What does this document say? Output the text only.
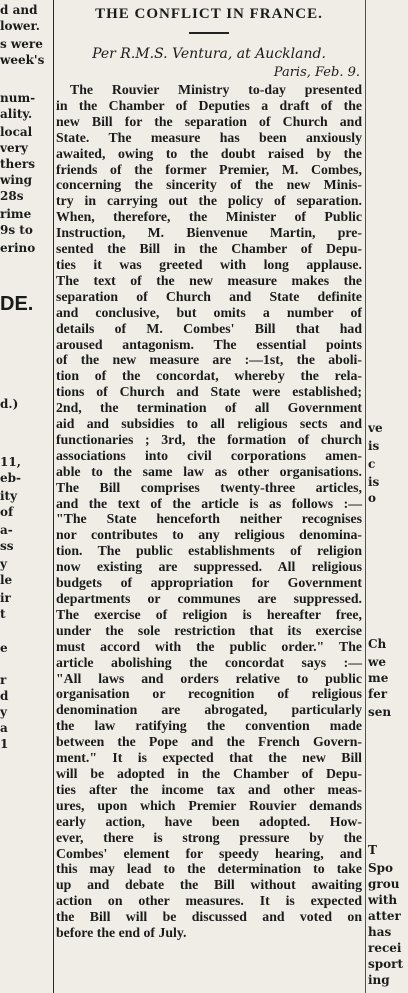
d and
lower.
s were
week's
num-
ality.
local
very
thers
wing
28s
rime
9s to
erino
DE.
d.)
11,
eb-
ity
of
a-
ss
y
le
ir
t
e
r
d
y
a
1
THE CONFLICT IN FRANCE.

Per R.M.S. Ventura, at Auckland.

Paris, Feb. 9.

The Rouvier Ministry to-day presented
in the Chamber of Deputies a draft of the
new Bill for the separation of Church and
State. The measure has been anxiously
awaited, owing to the doubt raised by the
friends of the former Premier, M. Combes,
concerning the sincerity of the new Minis-
try in carrying out the policy of separation.
When, therefore, the Minister of Public
Instruction, M. Bienvenue Martin, pre-
sented the Bill in the Chamber of Depu-
ties it was greeted with long applause.
The text of the new measure makes the
separation of Church and State definite
and conclusive, but omits a number of
details of M. Combes' Bill that had
aroused antagonism. The essential points
of the new measure are :—1st, the aboli-
tion of the concordat, whereby the rela-
tions of Church and State were established;
2nd, the termination of all Government
aid and subsidies to all religious sects and
functionaries ; 3rd, the formation of church
associations into civil corporations amen-
able to the same law as other organisations.
The Bill comprises twenty-three articles,
and the text of the article is as follows :—
"The State henceforth neither recognises
nor contributes to any religious denomina-
tion. The public establishments of religion
now existing are suppressed. All religious
budgets of appropriation for Government
departments or communes are suppressed.
The exercise of religion is hereafter free,
under the sole restriction that its exercise
must accord with the public order." The
article abolishing the concordat says :—
"All laws and orders relative to public
organisation or recognition of religious
denomination are abrogated, particularly
the law ratifying the convention made
between the Pope and the French Govern-
ment." It is expected that the new Bill
will be adopted in the Chamber of Depu-
ties after the income tax and other meas-
ures, upon which Premier Rouvier demands
early action, have been adopted. How-
ever, there is strong pressure by the
Combes' element for speedy hearing, and
this may lead to the determination to take
up and debate the Bill without awaiting
action on other measures. It is expected
the Bill will be discussed and voted on
before the end of July.
ve
is
c
is
o
Ch
we
me
fer
sen
T
Spo
grou
with
atter
has
recei
sport
ing
